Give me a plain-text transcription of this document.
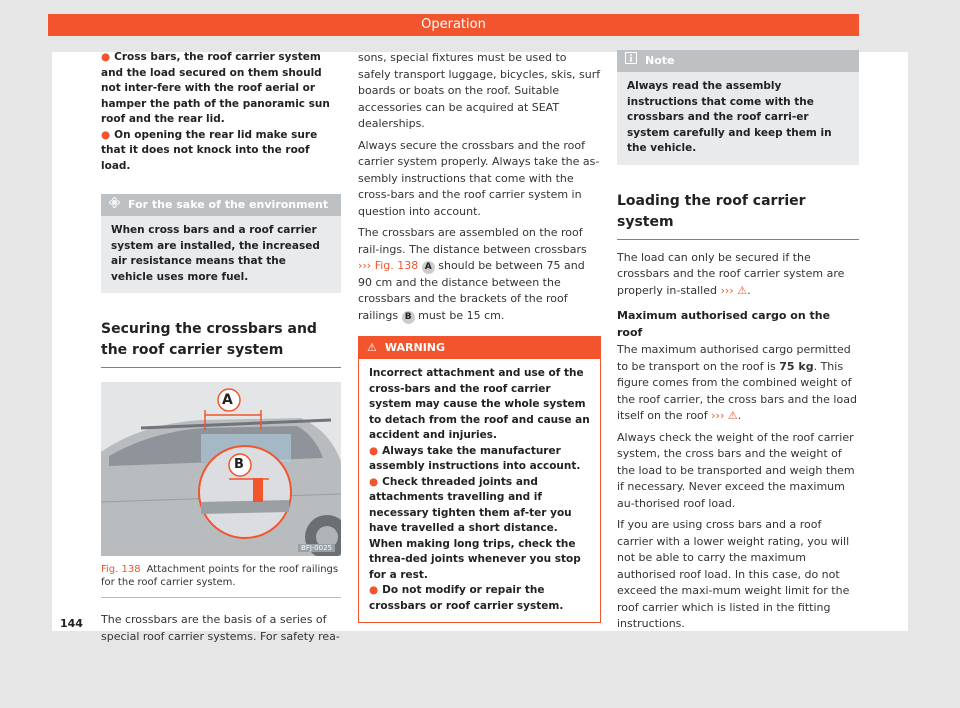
Operation
● Cross bars, the roof carrier system and the load secured on them should not inter-fere with the roof aerial or hamper the path of the panoramic sun roof and the rear lid.
● On opening the rear lid make sure that it does not knock into the roof load.
For the sake of the environment
When cross bars and a roof carrier system are installed, the increased air resistance means that the vehicle uses more fuel.
Securing the crossbars and the roof carrier system
A
B
BFJ-0025
Fig. 138 Attachment points for the roof railings for the roof carrier system.

The crossbars are the basis of a series of special roof carrier systems. For safety rea-

sons, special fixtures must be used to safely transport luggage, bicycles, skis, surf boards or boats on the roof. Suitable accessories can be acquired at SEAT dealerships.

Always secure the crossbars and the roof carrier system properly. Always take the as-sembly instructions that come with the cross-bars and the roof carrier system in question into account.

The crossbars are assembled on the roof rail-ings. The distance between crossbars ››› Fig. 138 A should be between 75 and 90 cm and the distance between the crossbars and the brackets of the roof railings B must be 15 cm.

⚠ WARNING
Incorrect attachment and use of the cross-bars and the roof carrier system may cause the whole system to detach from the roof and cause an accident and injuries.
● Always take the manufacturer assembly instructions into account.
● Check threaded joints and attachments travelling and if necessary tighten them af-ter you have travelled a short distance. When making long trips, check the threa-ded joints whenever you stop for a rest.
● Do not modify or repair the crossbars or roof carrier system.
Note
Always read the assembly instructions that come with the crossbars and the roof carri-er system carefully and keep them in the vehicle.
Loading the roof carrier system

The load can only be secured if the crossbars and the roof carrier system are properly in-stalled ››› ⚠.

Maximum authorised cargo on the roof

The maximum authorised cargo permitted to be transport on the roof is 75 kg. This figure comes from the combined weight of the roof carrier, the cross bars and the load itself on the roof ››› ⚠.

Always check the weight of the roof carrier system, the cross bars and the weight of the load to be transported and weigh them if necessary. Never exceed the maximum au-thorised roof load.

If you are using cross bars and a roof carrier with a lower weight rating, you will not be able to carry the maximum authorised roof load. In this case, do not exceed the maxi-mum weight limit for the roof carrier which is listed in the fitting instructions.

144
